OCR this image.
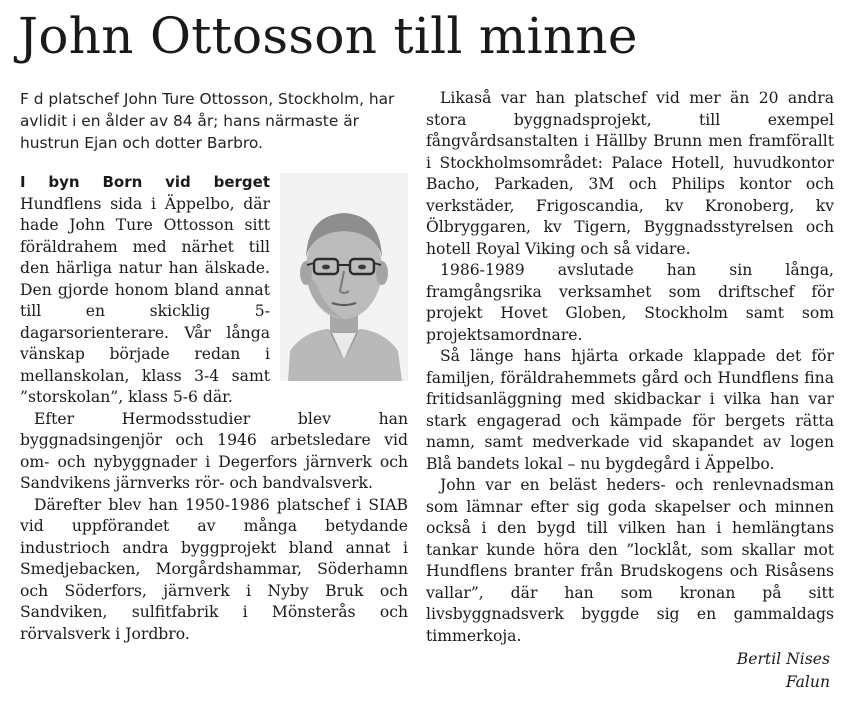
John Ottosson till minne

F d platschef John Ture Ottosson, Stockholm, har avlidit i en ålder av 84 år; hans närmaste är hustrun Ejan och dotter Barbro.

I byn Born vid berget Hundflens sida i Äppelbo, där hade John Ture Ottosson sitt föräldrahem med närhet till den härliga natur han älskade. Den gjorde honom bland annat till en skicklig 5-dagarsorienterare. Vår långa vänskap började redan i mellanskolan, klass 3-4 samt ”storskolan”, klass 5-6 där.

Efter Hermodsstudier blev han byggnadsingenjör och 1946 arbetsledare vid om- och nybyggnader i Degerfors järnverk och Sandvikens järnverks rör- och bandvalsverk.

Därefter blev han 1950-1986 platschef i SIAB vid uppförandet av många betydande industrioch andra byggprojekt bland annat i Smedjebacken, Morgårdshammar, Söderhamn och Söderfors, järnverk i Nyby Bruk och Sandviken, sulfitfabrik i Mönsterås och rörvalsverk i Jordbro.

Likaså var han platschef vid mer än 20 andra stora byggnadsprojekt, till exempel fångvårdsanstalten i Hällby Brunn men framförallt i Stockholmsområdet: Palace Hotell, huvudkontor Bacho, Parkaden, 3M och Philips kontor och verkstäder, Frigoscandia, kv Kronoberg, kv Ölbryggaren, kv Tigern, Byggnadsstyrelsen och hotell Royal Viking och så vidare.

1986-1989 avslutade han sin långa, framgångsrika verksamhet som driftschef för projekt Hovet Globen, Stockholm samt som projektsamordnare.

Så länge hans hjärta orkade klappade det för familjen, föräldrahemmets gård och Hundflens fina fritidsanläggning med skidbackar i vilka han var stark engagerad och kämpade för bergets rätta namn, samt medverkade vid skapandet av logen Blå bandets lokal – nu bygdegård i Äppelbo.

John var en beläst heders- och renlevnadsman som lämnar efter sig goda skapelser och minnen också i den bygd till vilken han i hemlängtans tankar kunde höra den ”locklåt, som skallar mot Hundflens branter från Brudskogens och Risåsens vallar”, där han som kronan på sitt livsbyggnadsverk byggde sig en gammaldags timmerkoja.

Bertil Nises
Falun
